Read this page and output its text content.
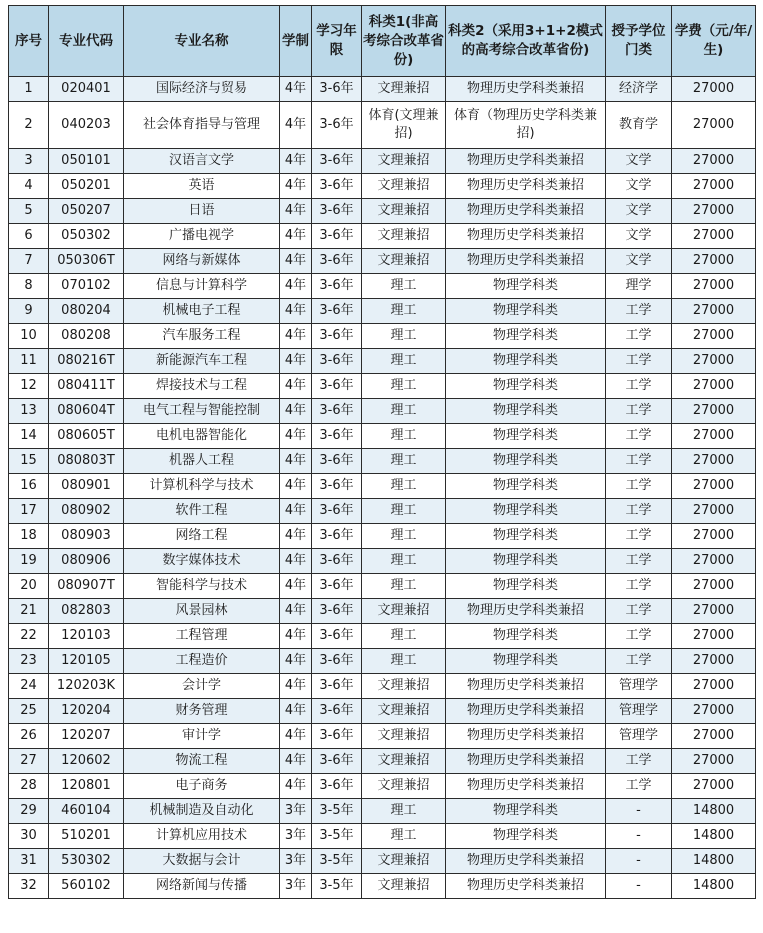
序号	专业代码	专业名称	学制	学习年限	科类1(非高考综合改革省份)	科类2（采用3+1+2模式的高考综合改革省份)	授予学位门类	学费（元/年/生)
1	020401	国际经济与贸易	4年	3-6年	文理兼招	物理历史学科类兼招	经济学	27000
2	040203	社会体育指导与管理	4年	3-6年	体育(文理兼招)	体育（物理历史学科类兼招)	教育学	27000
3	050101	汉语言文学	4年	3-6年	文理兼招	物理历史学科类兼招	文学	27000
4	050201	英语	4年	3-6年	文理兼招	物理历史学科类兼招	文学	27000
5	050207	日语	4年	3-6年	文理兼招	物理历史学科类兼招	文学	27000
6	050302	广播电视学	4年	3-6年	文理兼招	物理历史学科类兼招	文学	27000
7	050306T	网络与新媒体	4年	3-6年	文理兼招	物理历史学科类兼招	文学	27000
8	070102	信息与计算科学	4年	3-6年	理工	物理学科类	理学	27000
9	080204	机械电子工程	4年	3-6年	理工	物理学科类	工学	27000
10	080208	汽车服务工程	4年	3-6年	理工	物理学科类	工学	27000
11	080216T	新能源汽车工程	4年	3-6年	理工	物理学科类	工学	27000
12	080411T	焊接技术与工程	4年	3-6年	理工	物理学科类	工学	27000
13	080604T	电气工程与智能控制	4年	3-6年	理工	物理学科类	工学	27000
14	080605T	电机电器智能化	4年	3-6年	理工	物理学科类	工学	27000
15	080803T	机器人工程	4年	3-6年	理工	物理学科类	工学	27000
16	080901	计算机科学与技术	4年	3-6年	理工	物理学科类	工学	27000
17	080902	软件工程	4年	3-6年	理工	物理学科类	工学	27000
18	080903	网络工程	4年	3-6年	理工	物理学科类	工学	27000
19	080906	数字媒体技术	4年	3-6年	理工	物理学科类	工学	27000
20	080907T	智能科学与技术	4年	3-6年	理工	物理学科类	工学	27000
21	082803	风景园林	4年	3-6年	文理兼招	物理历史学科类兼招	工学	27000
22	120103	工程管理	4年	3-6年	理工	物理学科类	工学	27000
23	120105	工程造价	4年	3-6年	理工	物理学科类	工学	27000
24	120203K	会计学	4年	3-6年	文理兼招	物理历史学科类兼招	管理学	27000
25	120204	财务管理	4年	3-6年	文理兼招	物理历史学科类兼招	管理学	27000
26	120207	审计学	4年	3-6年	文理兼招	物理历史学科类兼招	管理学	27000
27	120602	物流工程	4年	3-6年	文理兼招	物理历史学科类兼招	工学	27000
28	120801	电子商务	4年	3-6年	文理兼招	物理历史学科类兼招	工学	27000
29	460104	机械制造及自动化	3年	3-5年	理工	物理学科类	-	14800
30	510201	计算机应用技术	3年	3-5年	理工	物理学科类	-	14800
31	530302	大数据与会计	3年	3-5年	文理兼招	物理历史学科类兼招	-	14800
32	560102	网络新闻与传播	3年	3-5年	文理兼招	物理历史学科类兼招	-	14800
